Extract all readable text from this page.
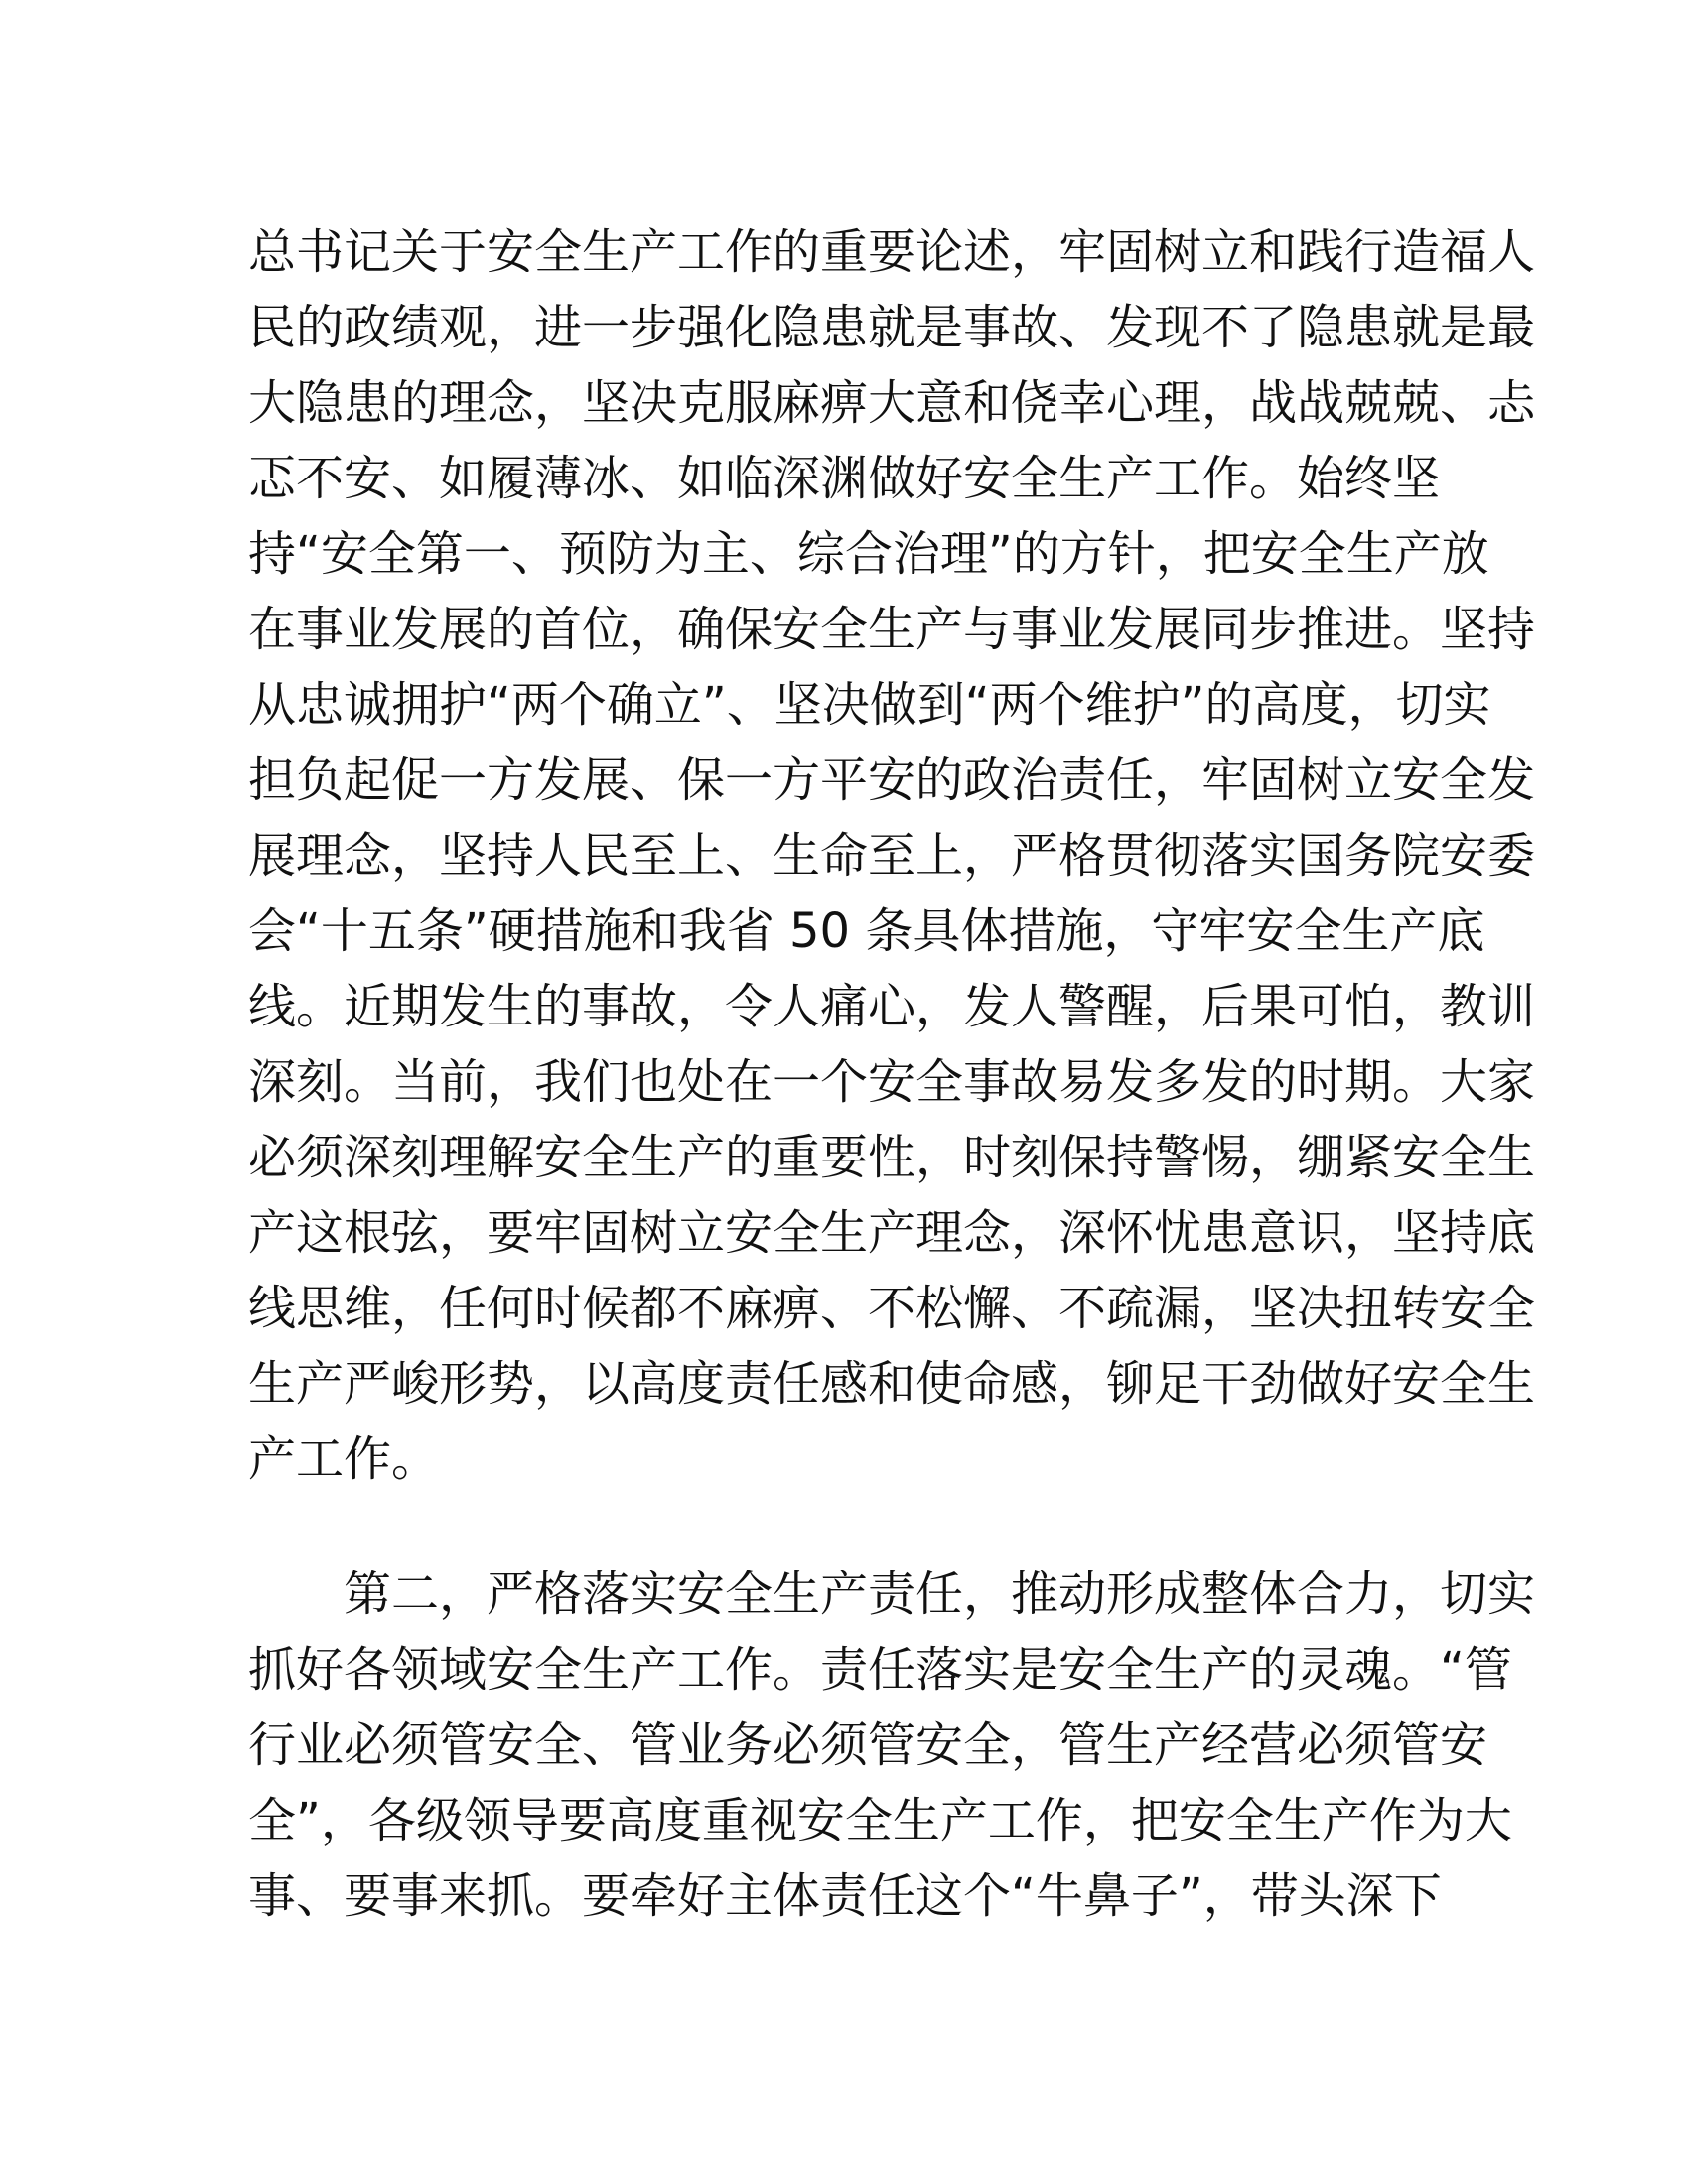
总书记关于安全生产工作的重要论述，牢固树立和践行造福人
民的政绩观，进一步强化隐患就是事故、发现不了隐患就是最
大隐患的理念，坚决克服麻痹大意和侥幸心理，战战兢兢、忐
忑不安、如履薄冰、如临深渊做好安全生产工作。始终坚
持“安全第一、预防为主、综合治理”的方针，把安全生产放
在事业发展的首位，确保安全生产与事业发展同步推进。坚持
从忠诚拥护“两个确立”、坚决做到“两个维护”的高度，切实
担负起促一方发展、保一方平安的政治责任，牢固树立安全发
展理念，坚持人民至上、生命至上，严格贯彻落实国务院安委
会“十五条”硬措施和我省 50 条具体措施，守牢安全生产底
线。近期发生的事故，令人痛心，发人警醒，后果可怕，教训
深刻。当前，我们也处在一个安全事故易发多发的时期。大家
必须深刻理解安全生产的重要性，时刻保持警惕，绷紧安全生
产这根弦，要牢固树立安全生产理念，深怀忧患意识，坚持底
线思维，任何时候都不麻痹、不松懈、不疏漏，坚决扭转安全
生产严峻形势，以高度责任感和使命感，铆足干劲做好安全生
产工作。
第二，严格落实安全生产责任，推动形成整体合力，切实
抓好各领域安全生产工作。责任落实是安全生产的灵魂。“管
行业必须管安全、管业务必须管安全，管生产经营必须管安
全”，各级领导要高度重视安全生产工作，把安全生产作为大
事、要事来抓。要牵好主体责任这个“牛鼻子”，带头深下
